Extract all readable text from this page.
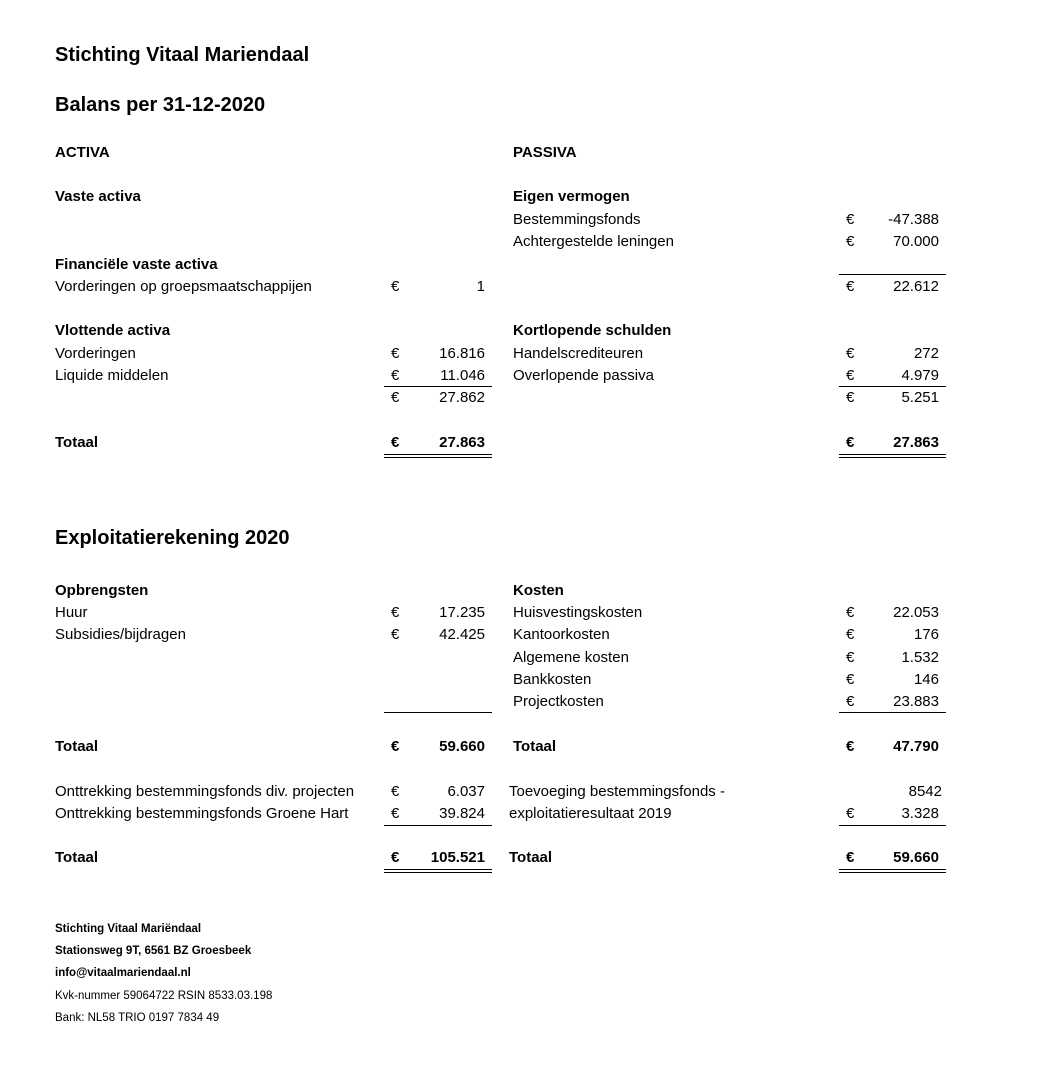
Stichting Vitaal Mariendaal
Balans per 31-12-2020
ACTIVA
Vaste activa
Financiële vaste activa
Vorderingen op groepsmaatschappijen	€	1
Vlottende activa
Vorderingen	€	16.816
Liquide middelen	€	11.046
€	27.862
Totaal	€	27.863
PASSIVA
Eigen vermogen
Bestemmingsfonds	€	-47.388
Achtergestelde leningen	€	70.000
€	22.612
Kortlopende schulden
Handelscrediteuren	€	272
Overlopende passiva	€	4.979
€	5.251
€	27.863
Exploitatierekening 2020
Opbrengsten
Huur	€	17.235
Subsidies/bijdragen	€	42.425
Totaal	€	59.660
Onttrekking bestemmingsfonds div. projecten €	6.037
Onttrekking bestemmingsfonds Groene Hart	€	39.824
Totaal	€	105.521
Kosten
Huisvestingskosten	€	22.053
Kantoorkosten	€	176
Algemene kosten	€	1.532
Bankkosten	€	146
Projectkosten	€	23.883
Totaal	€	47.790
Toevoeging bestemmingsfonds -	8542
exploitatieresultaat 2019	€	3.328
Totaal	€	59.660
Stichting Vitaal Mariëndaal
Stationsweg 9T, 6561 BZ Groesbeek
info@vitaalmariendaal.nl
Kvk-nummer 59064722 RSIN 8533.03.198
Bank: NL58 TRIO 0197 7834 49
